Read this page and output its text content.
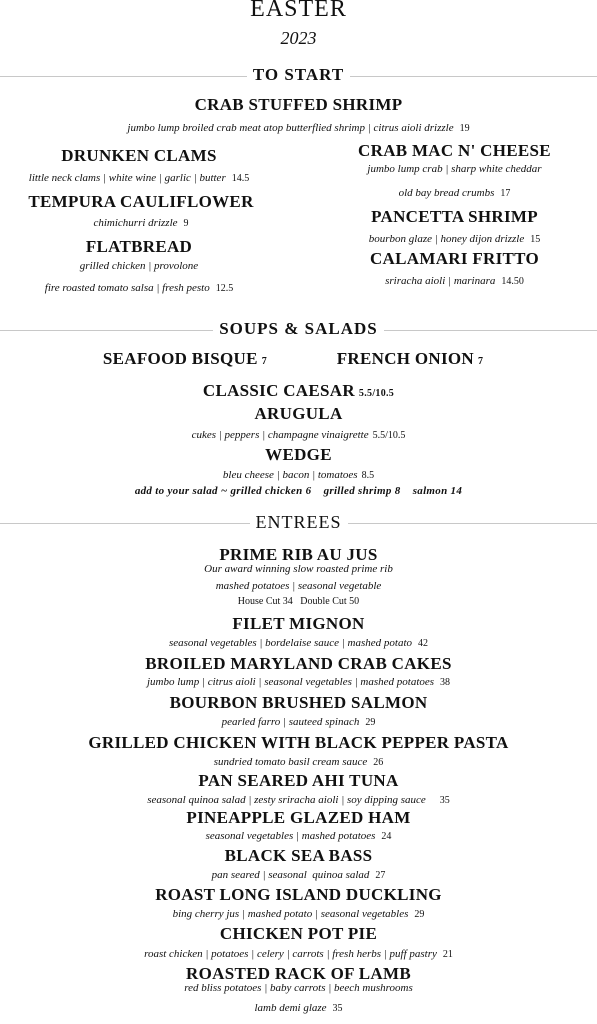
EASTER
2023
TO START
CRAB STUFFED SHRIMP
jumbo lump broiled crab meat atop butterflied shrimp | citrus aioli drizzle 19
DRUNKEN CLAMS
little neck clams | white wine | garlic | butter 14.5
TEMPURA CAULIFLOWER
chimichurri drizzle 9
FLATBREAD
grilled chicken | provolone
fire roasted tomato salsa | fresh pesto 12.5
CRAB MAC N' CHEESE
jumbo lump crab | sharp white cheddar
old bay bread crumbs 17
PANCETTA SHRIMP
bourbon glaze | honey dijon drizzle 15
CALAMARI FRITTO
sriracha aioli | marinara 14.50
SOUPS & SALADS
SEAFOOD BISQUE 7	FRENCH ONION 7
CLASSIC CAESAR 5.5/10.5
ARUGULA
cukes | peppers | champagne vinaigrette 5.5/10.5
WEDGE
bleu cheese | bacon | tomatoes 8.5
add to your salad ~ grilled chicken 6    grilled shrimp 8    salmon 14
ENTREES
PRIME RIB AU JUS
Our award winning slow roasted prime rib
mashed potatoes | seasonal vegetable
House Cut 34   Double Cut 50
FILET MIGNON
seasonal vegetables | bordelaise sauce | mashed potato 42
BROILED MARYLAND CRAB CAKES
jumbo lump | citrus aioli | seasonal vegetables | mashed potatoes 38
BOURBON BRUSHED SALMON
pearled farro | sauteed spinach 29
GRILLED CHICKEN WITH BLACK PEPPER PASTA
sundried tomato basil cream sauce 26
PAN SEARED AHI TUNA
seasonal quinoa salad | zesty sriracha aioli | soy dipping sauce 35
PINEAPPLE GLAZED HAM
seasonal vegetables | mashed potatoes 24
BLACK SEA BASS
pan seared | seasonal  quinoa salad 27
ROAST LONG ISLAND DUCKLING
bing cherry jus | mashed potato | seasonal vegetables 29
CHICKEN POT PIE
roast chicken | potatoes | celery | carrots | fresh herbs | puff pastry 21
ROASTED RACK OF LAMB
red bliss potatoes | baby carrots | beech mushrooms
lamb demi glaze 35
